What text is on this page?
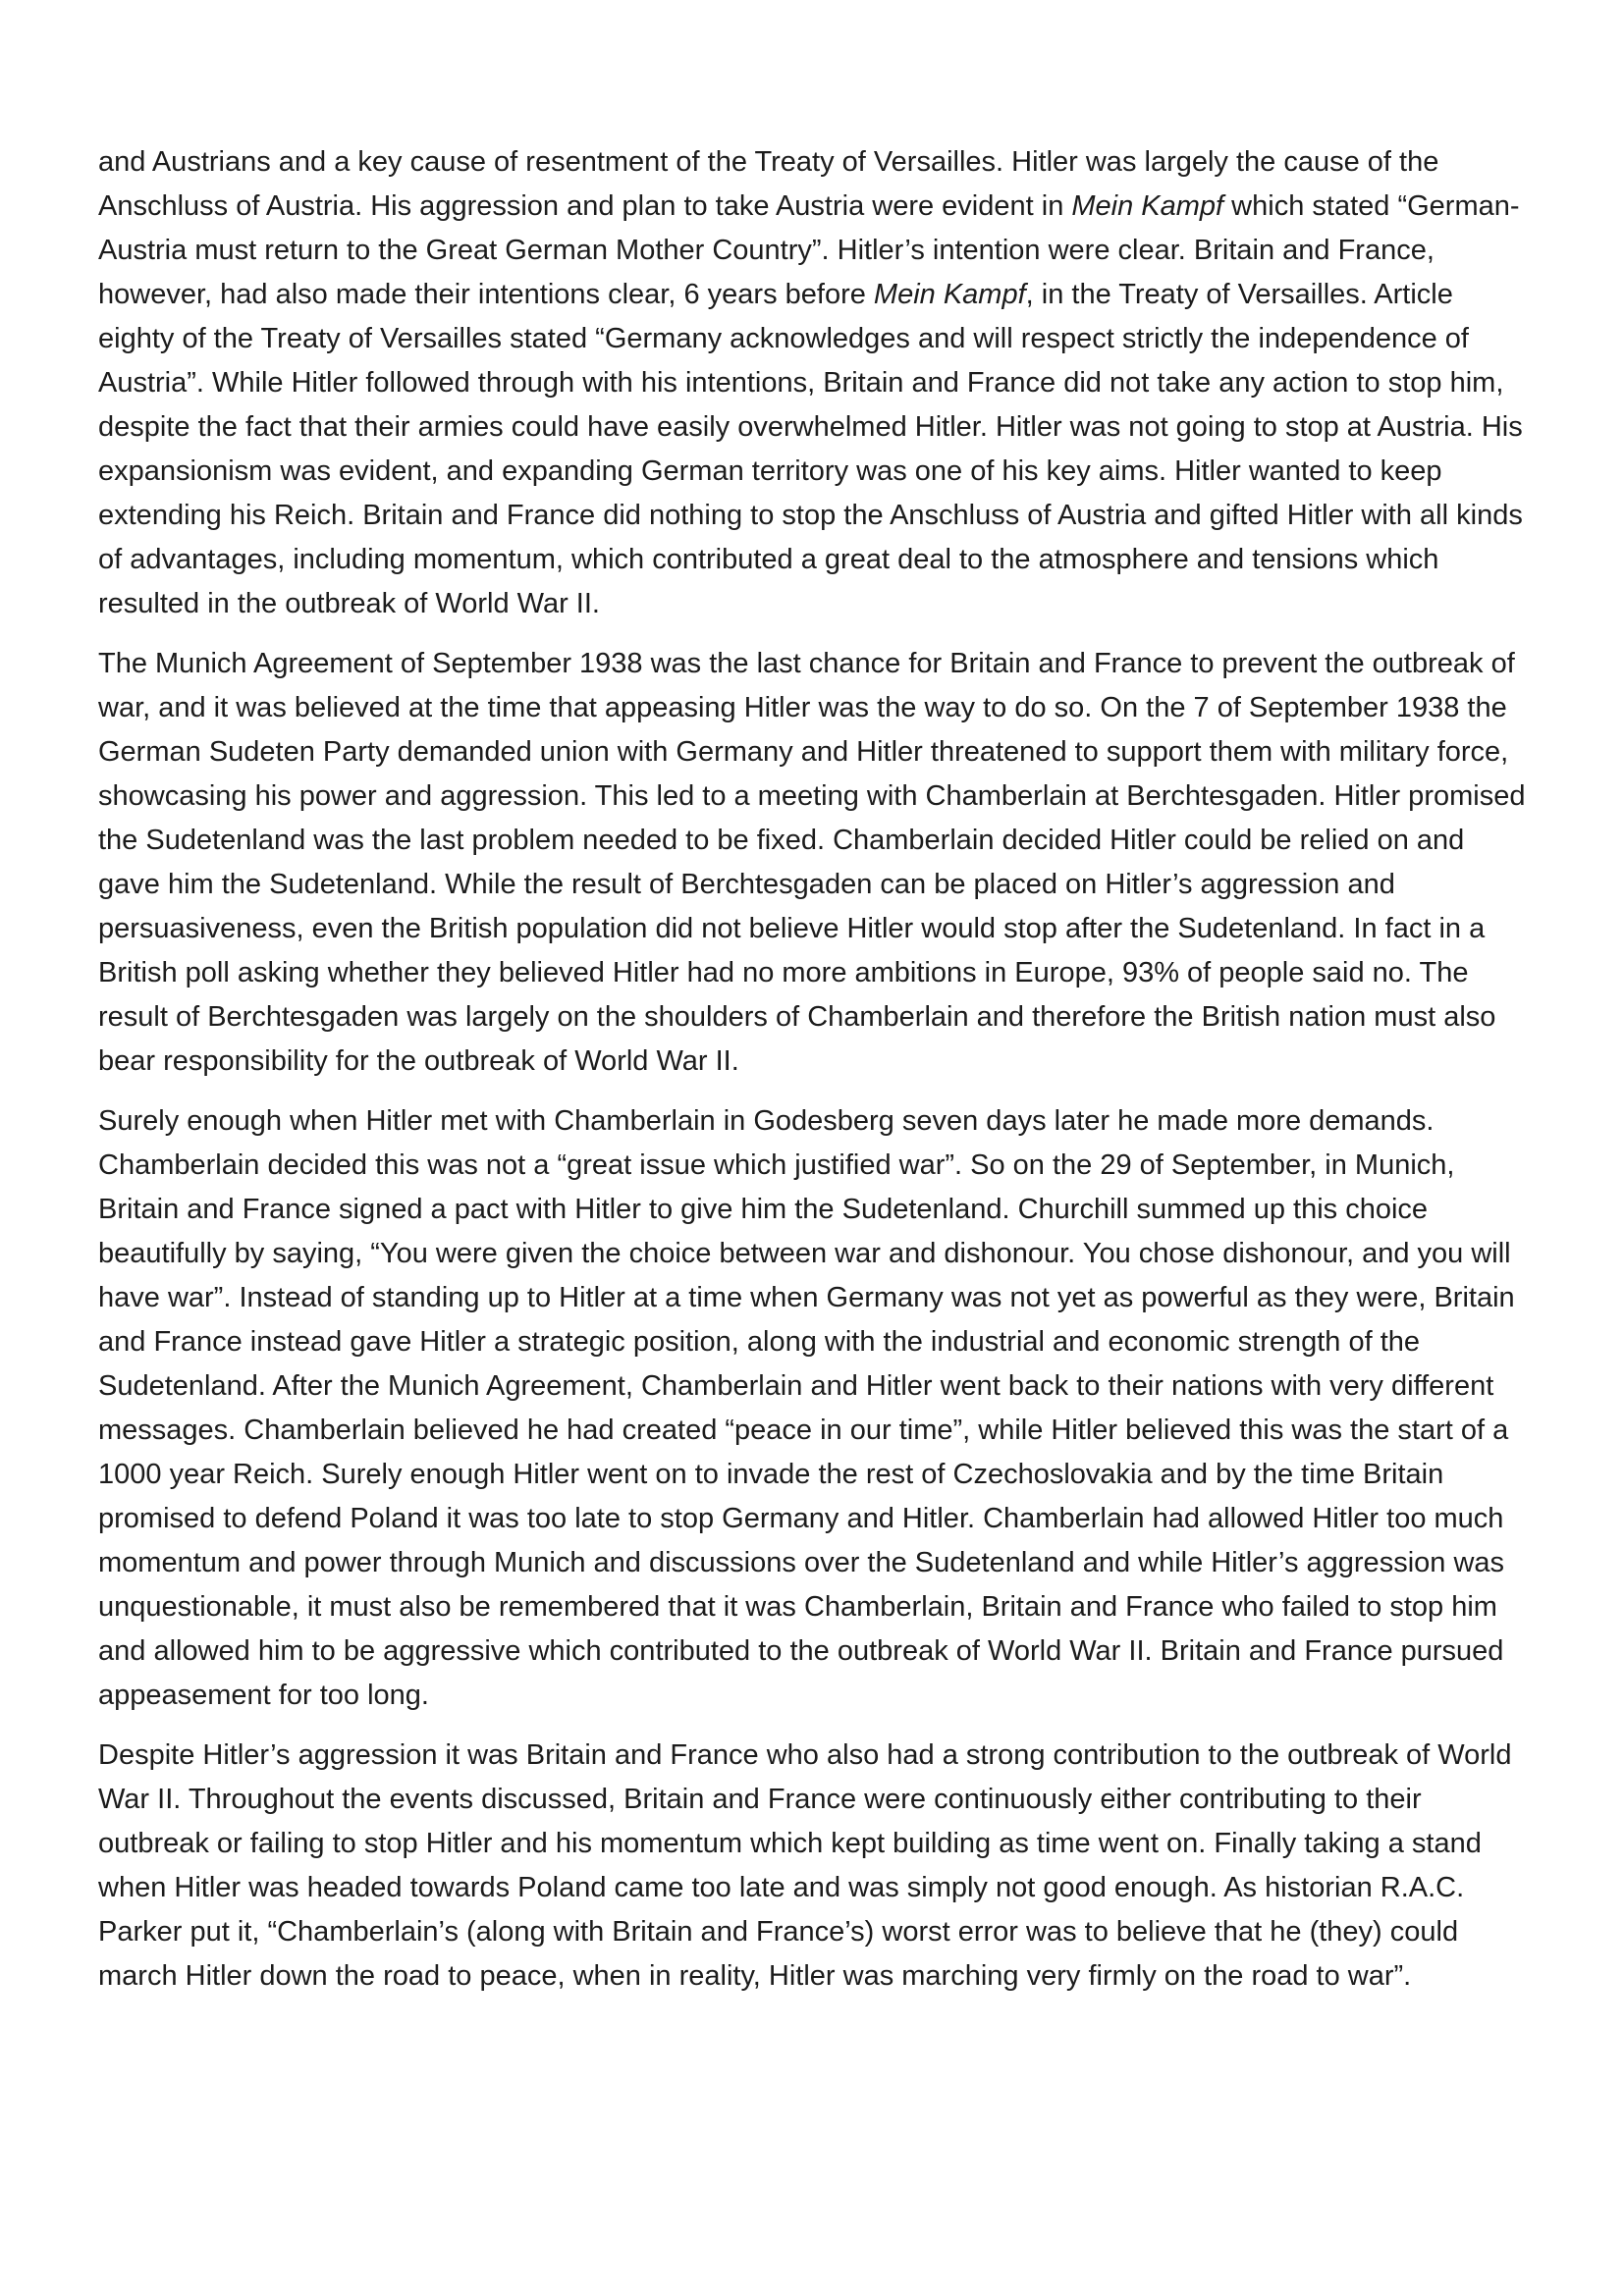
and Austrians and a key cause of resentment of the Treaty of Versailles. Hitler was largely the cause of the Anschluss of Austria. His aggression and plan to take Austria were evident in Mein Kampf which stated “German-Austria must return to the Great German Mother Country”. Hitler’s intention were clear. Britain and France, however, had also made their intentions clear, 6 years before Mein Kampf, in the Treaty of Versailles. Article eighty of the Treaty of Versailles stated “Germany acknowledges and will respect strictly the independence of Austria”. While Hitler followed through with his intentions, Britain and France did not take any action to stop him, despite the fact that their armies could have easily overwhelmed Hitler. Hitler was not going to stop at Austria. His expansionism was evident, and expanding German territory was one of his key aims. Hitler wanted to keep extending his Reich. Britain and France did nothing to stop the Anschluss of Austria and gifted Hitler with all kinds of advantages, including momentum, which contributed a great deal to the atmosphere and tensions which resulted in the outbreak of World War II.

The Munich Agreement of September 1938 was the last chance for Britain and France to prevent the outbreak of war, and it was believed at the time that appeasing Hitler was the way to do so. On the 7 of September 1938 the German Sudeten Party demanded union with Germany and Hitler threatened to support them with military force, showcasing his power and aggression. This led to a meeting with Chamberlain at Berchtesgaden. Hitler promised the Sudetenland was the last problem needed to be fixed. Chamberlain decided Hitler could be relied on and gave him the Sudetenland. While the result of Berchtesgaden can be placed on Hitler’s aggression and persuasiveness, even the British population did not believe Hitler would stop after the Sudetenland. In fact in a British poll asking whether they believed Hitler had no more ambitions in Europe, 93% of people said no. The result of Berchtesgaden was largely on the shoulders of Chamberlain and therefore the British nation must also bear responsibility for the outbreak of World War II.

Surely enough when Hitler met with Chamberlain in Godesberg seven days later he made more demands. Chamberlain decided this was not a “great issue which justified war”. So on the 29 of September, in Munich, Britain and France signed a pact with Hitler to give him the Sudetenland. Churchill summed up this choice beautifully by saying, “You were given the choice between war and dishonour. You chose dishonour, and you will have war”. Instead of standing up to Hitler at a time when Germany was not yet as powerful as they were, Britain and France instead gave Hitler a strategic position, along with the industrial and economic strength of the Sudetenland. After the Munich Agreement, Chamberlain and Hitler went back to their nations with very different messages. Chamberlain believed he had created “peace in our time”, while Hitler believed this was the start of a 1000 year Reich. Surely enough Hitler went on to invade the rest of Czechoslovakia and by the time Britain promised to defend Poland it was too late to stop Germany and Hitler. Chamberlain had allowed Hitler too much momentum and power through Munich and discussions over the Sudetenland and while Hitler’s aggression was unquestionable, it must also be remembered that it was Chamberlain, Britain and France who failed to stop him and allowed him to be aggressive which contributed to the outbreak of World War II. Britain and France pursued appeasement for too long.

Despite Hitler’s aggression it was Britain and France who also had a strong contribution to the outbreak of World War II. Throughout the events discussed, Britain and France were continuously either contributing to their outbreak or failing to stop Hitler and his momentum which kept building as time went on. Finally taking a stand when Hitler was headed towards Poland came too late and was simply not good enough. As historian R.A.C. Parker put it, “Chamberlain’s (along with Britain and France’s) worst error was to believe that he (they) could march Hitler down the road to peace, when in reality, Hitler was marching very firmly on the road to war”.
